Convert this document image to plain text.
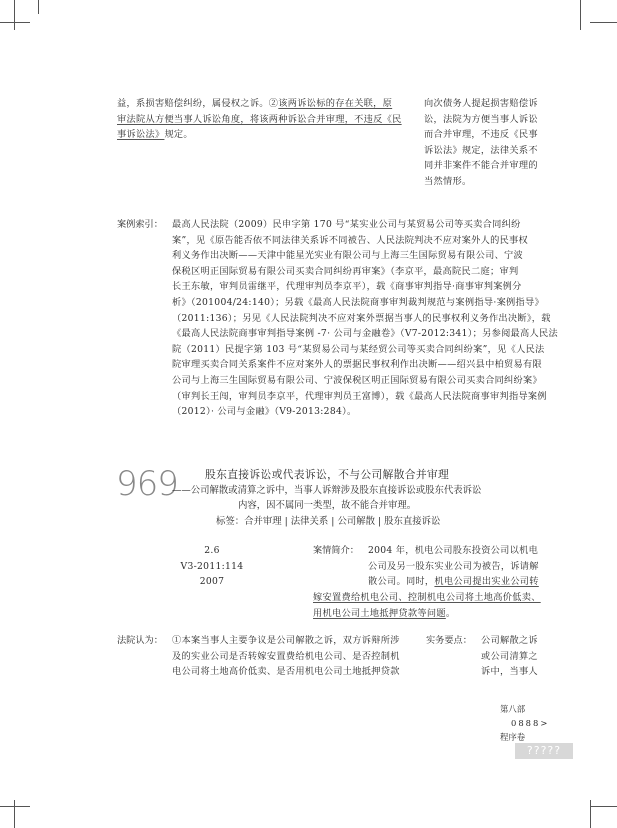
益，系损害赔偿纠纷，属侵权之诉。②该两诉讼标的存在关联，原
审法院从方便当事人诉讼角度，将该两种诉讼合并审理，不违反《民
事诉讼法》规定。
向次债务人提起损害赔偿诉
讼，法院为方便当事人诉讼
而合并审理，不违反《民事
诉讼法》规定，法律关系不
同并非案件不能合并审理的
当然情形。
案例索引： 最高人民法院（2009）民申字第 170 号“某实业公司与某贸易公司等买卖合同纠纷
案”，见《原告能否依不同法律关系诉不同被告、人民法院判决不应对案外人的民事权
利义务作出决断——天津中能星光实业有限公司与上海三生国际贸易有限公司、宁波
保税区明正国际贸易有限公司买卖合同纠纷再审案》（李京平，最高院民二庭；审判
长王东敏，审判员雷继平，代理审判员李京平），载《商事审判指导·商事审判案例分
析》（201004/24:140）；另载《最高人民法院商事审判裁判规范与案例指导·案例指导》
（2011:136）；另见《人民法院判决不应对案外票据当事人的民事权利义务作出决断》，载
《最高人民法院商事审判指导案例 -7· 公司与金融卷》（V7-2012:341）；另参阅最高人民法
院（2011）民提字第 103 号“某贸易公司与某经贸公司等买卖合同纠纷案”，见《人民法
院审理买卖合同关系案件不应对案外人的票据民事权利作出决断——绍兴县中柏贸易有限
公司与上海三生国际贸易有限公司、宁波保税区明正国际贸易有限公司买卖合同纠纷案》
（审判长王闯，审判员李京平，代理审判员王富博），载《最高人民法院商事审判指导案例
（2012）· 公司与金融》（V9-2013:284）。
969	股东直接诉讼或代表诉讼，不与公司解散合并审理
——公司解散或清算之诉中，当事人诉辩涉及股东直接诉讼或股东代表诉讼
内容，因不属同一类型，故不能合并审理。
标签：合并审理 | 法律关系 | 公司解散 | 股东直接诉讼
2.6
V3-2011:114
2007
案情简介： 2004 年，机电公司股东投资公司以机电
公司及另一股东实业公司为被告，诉请解
散公司。同时，机电公司提出实业公司转
嫁安置费给机电公司、控制机电公司将土地高价低卖、
用机电公司土地抵押贷款等问题。
法院认为： ①本案当事人主要争议是公司解散之诉，双方诉辩所涉
及的实业公司是否转嫁安置费给机电公司、是否控制机
电公司将土地高价低卖、是否用机电公司土地抵押贷款
实务要点： 公司解散之诉
或公司清算之
诉中，当事人
第八部
0888>
程序卷
?????
